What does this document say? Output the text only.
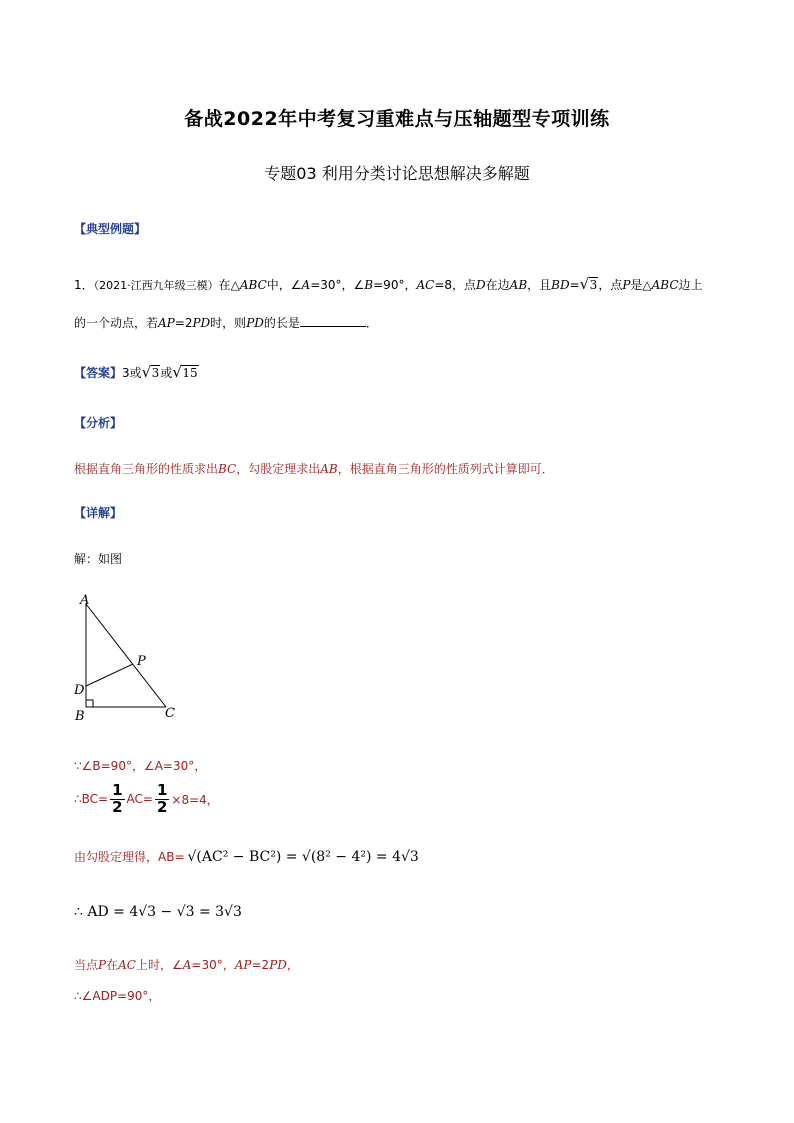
备战2022年中考复习重难点与压轴题型专项训练
专题03 利用分类讨论思想解决多解题
【典型例题】
1．（2021·江西九年级三模）在△ABC中，∠A=30°，∠B=90°，AC=8，点D在边AB，且BD= √ 3，点P是△ABC边上
的一个动点，若AP=2PD时，则PD的长是	．
【答案】3或 √ 3或 √ 15
【分析】
根据直角三角形的性质求出BC，勾股定理求出AB，根据直角三角形的性质列式计算即可．
【详解】
解：如图
A
D
B	C
P
∵∠B=90°，∠A=30°，
∴BC= $\frac{1}{2} AC= \frac{1}{2} \times 8=4$，
由勾股定理得， AB= √(AC² − BC²) = √(8² − 4²) = 4√3
∴ AD = 4√3 − √3 = 3√3
当点P在AC上时，∠A=30°，AP=2PD，
∴∠ADP=90°，
